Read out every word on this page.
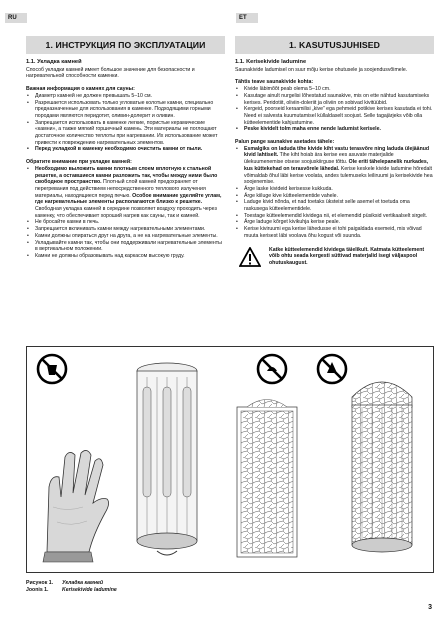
RU	ET
1. ИНСТРУКЦИЯ ПО ЭКСПЛУАТАЦИИ
1.1. Укладка камней
Способ укладки камней имеет большое значение для безопасности и нагревательной способности каменки.
Важная информация о камнях для сауны:
• Диаметр камней не должен превышать 5–10 см.
• Разрешается использовать только угловатые колотые камни, специально предназначенные для использования в каменке. Подходящими горными породами являются перидотит, оливин-долерит и оливин.
• Запрещается использовать в каменке легкие, пористые керамические «камни», а также мягкий горшечный камень. Эти материалы не поглощают достаточное количество теплоты при нагревании. Их использование может привести к повреждению нагревательных элементов.
• Перед укладкой в каменку необходимо очистить камни от пыли.
Обратите внимание при укладке камней:
• Необходимо выложить камни плотным слоем вплотную к стальной решетке, а оставшиеся камни разложить так, чтобы между ними было свободное пространство. Плотный слой камней предохраняет от перегревания под действием непосредственного теплового излучения материалы, находящиеся перед печью. Особое внимание уделяйте углам, где нагревательные элементы располагаются близко к решетке. Свободная укладка камней в середине позволяет воздуху проходить через каменку, что обеспечивает хороший нагрев как сауны, так и камней.
• Не бросайте камни в печь.
• Запрещается вклинивать камни между нагревательными элементами.
• Камни должны опираться друг на друга, а не на нагревательные элементы.
• Укладывайте камни так, чтобы они поддерживали нагревательные элементы в вертикальном положении.
• Камни не должны образовывать над каркасом высокую груду.
1. KASUTUSJUHISED
1.1. Kerisekivide ladumine
Saunakivide ladumisel on suur mõju kerise ohutusele ja soojendusvõimele.
Tähtis teave saunakivide kohta:
• Kivide läbimõõt peab olema 5–10 cm.
• Kasutage ainult nurgelisi lõhestatud saunakive, mis on ette nähtud kasutamiseks kerises. Peridotiit, oliviin-doleriit ja oliviin on sobivad kivitüübid.
• Kergeid, poorseid keraamilisi „kive” ega pehmeid potikive kerises kasutada ei tohi. Need ei salvesta kuumutamisel küllaldaselt soojust. Selle tagajärjeks võib olla kütteelementide kahjustumine.
• Peske kividelt tolm maha enne nende ladumist kerisele.
Palun pange saunakive asetades tähele:
• Esmalgiks on laduda tihe kivide kiht vastu terasvõre ning laduda ülejäänud kivid lahtiselt. Tihe kiht hoiab ära kerise ees asuvate materjalide ülekuumenemise otsese soojuskiirguse tõttu. Ole eriti tähelepanelik nurkades, kus küttekehad on terasvõrele lähedal. Kerise keskele kivide ladumine hõredalt võimaldab õhul läbi kerise voolata, andes tulemuseks leiliruumi ja kerisekivide hea soojenemise.
• Ärge laske kivideid kerisesse kukkuda.
• Ärge kiiluge kive kütteelementide vahele.
• Laduge kivid nõnda, et nad toetaks üksteist selle asemel et toetuda oma raskusega kütteelementidele.
• Toestage kütteelemendid kividega nii, et elemendid püsiksid vertikaalselt sirgelt.
• Ärge laduge kõrget kivikuhja kerise peale.
• Kerise kiviruumi ega kerise lähedusse ei tohi paigaldada esemeid, mis võivad muuta kerisest läbi voolava õhu kogust või suunda.
Katke kütteelemendid kividega täielikult. Katmata kütteelement võib ohtu seada kergesti süttivad materjalid isegi väljaspool ohutuskaugust.
Рисунок 1. Укладка камней
Joonis 1.	Kerisekivide ladumine
3
